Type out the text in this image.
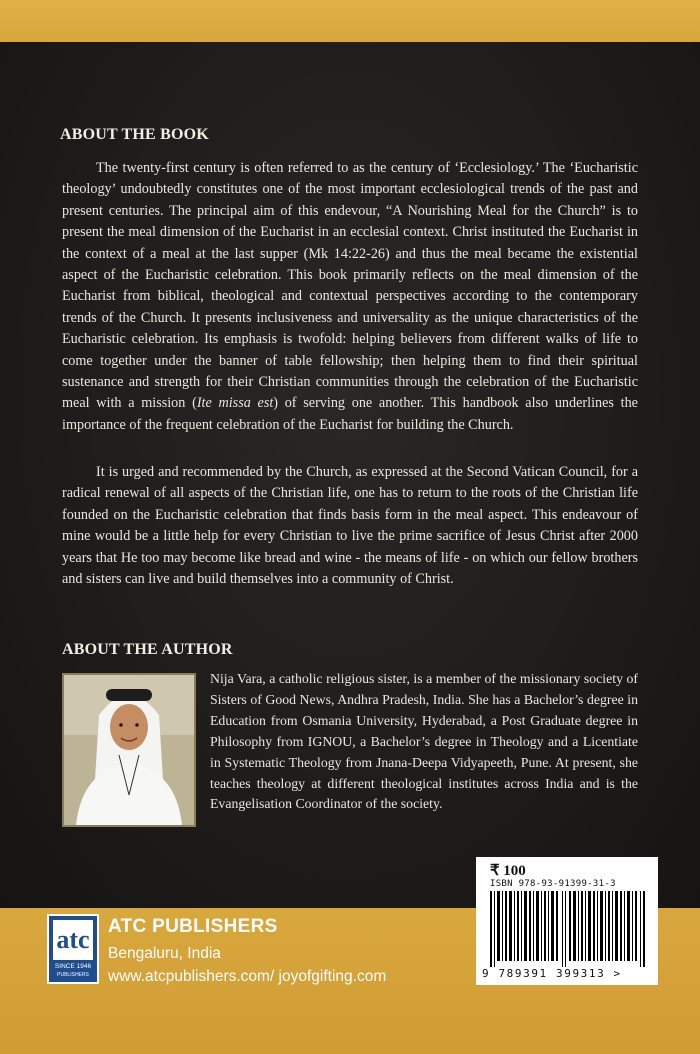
ABOUT THE BOOK

The twenty-first century is often referred to as the century of ‘Ecclesiology.’ The ‘Eucharistic theology’ undoubtedly constitutes one of the most important ecclesiological trends of the past and present centuries. The principal aim of this endevour, “A Nourishing Meal for the Church” is to present the meal dimension of the Eucharist in an ecclesial context. Christ instituted the Eucharist in the context of a meal at the last supper (Mk 14:22-26) and thus the meal became the existential aspect of the Eucharistic celebration. This book primarily reflects on the meal dimension of the Eucharist from biblical, theological and contextual perspectives according to the contemporary trends of the Church. It presents inclusiveness and universality as the unique characteristics of the Eucharistic celebration. Its emphasis is twofold: helping believers from different walks of life to come together under the banner of table fellowship; then helping them to find their spiritual sustenance and strength for their Christian communities through the celebration of the Eucharistic meal with a mission (Ite missa est) of serving one another. This handbook also underlines the importance of the frequent celebration of the Eucharist for building the Church.

It is urged and recommended by the Church, as expressed at the Second Vatican Council, for a radical renewal of all aspects of the Christian life, one has to return to the roots of the Christian life founded on the Eucharistic celebration that finds basis form in the meal aspect. This endeavour of mine would be a little help for every Christian to live the prime sacrifice of Jesus Christ after 2000 years that He too may become like bread and wine - the means of life - on which our fellow brothers and sisters can live and build themselves into a community of Christ.

ABOUT THE AUTHOR

Nija Vara, a catholic religious sister, is a member of the missionary society of Sisters of Good News, Andhra Pradesh, India. She has a Bachelor’s degree in Education from Osmania University, Hyderabad, a Post Graduate degree in Philosophy from IGNOU, a Bachelor’s degree in Theology and a Licentiate in Systematic Theology from Jnana-Deepa Vidyapeeth, Pune. At present, she teaches theology at different theological institutes across India and is the Evangelisation Coordinator of the society.

₹ 100
ISBN 978-93-91399-31-3
9 789391 399313 >
atc
SINCE 1946
PUBLISHERS
ATC PUBLISHERS
Bengaluru, India
www.atcpublishers.com/ joyofgifting.com
